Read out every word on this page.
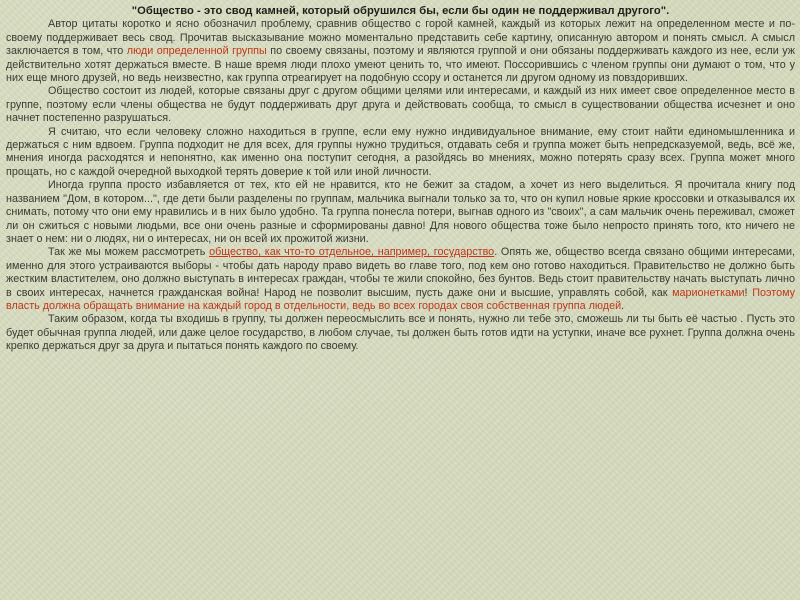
"Общество - это свод камней, который обрушился бы, если бы один не поддерживал другого".

Автор цитаты коротко и ясно обозначил проблему, сравнив общество с горой камней, каждый из которых лежит на определенном месте и по-своему поддерживает весь свод. Прочитав высказывание можно моментально представить себе картину, описанную автором и понять смысл. А смысл заключается в том, что люди определенной группы по своему связаны, поэтому и являются группой и они обязаны поддерживать каждого из нее, если уж действительно хотят держаться вместе. В наше время люди плохо умеют ценить то, что имеют. Поссорившись с членом группы они думают о том, что у них еще много друзей, но ведь неизвестно, как группа отреагирует на подобную ссору и останется ли другом одному из повздоривших.

Общество состоит из людей, которые связаны друг с другом общими целями или интересами, и каждый из них имеет свое определенное место в группе, поэтому если члены общества не будут поддерживать друг друга и действовать сообща, то смысл в существовании общества исчезнет и оно начнет постепенно разрушаться.

Я считаю, что если человеку сложно находиться в группе, если ему нужно индивидуальное внимание, ему стоит найти единомышленника и держаться с ним вдвоем. Группа подходит не для всех, для группы нужно трудиться, отдавать себя и группа может быть непредсказуемой, ведь, всё же, мнения иногда расходятся и непонятно, как именно она поступит сегодня, а разойдясь во мнениях, можно потерять сразу всех. Группа может много прощать, но с каждой очередной выходкой терять доверие к той или иной личности.

Иногда группа просто избавляется от тех, кто ей не нравится, кто не бежит за стадом, а хочет из него выделиться. Я прочитала книгу под названием "Дом, в котором...", где дети были разделены по группам, мальчика выгнали только за то, что он купил новые яркие кроссовки и отказывался их снимать, потому что они ему нравились и в них было удобно. Та группа понесла потери, выгнав одного из "своих", а сам мальчик очень переживал, сможет ли он сжиться с новыми людьми, все они очень разные и сформированы давно! Для нового общества тоже было непросто принять того, кто ничего не знает о нем: ни о людях, ни о интересах, ни он всей их прожитой жизни.

Так же мы можем рассмотреть общество, как что-то отдельное, например, государство. Опять же, общество всегда связано общими интересами, именно для этого устраиваются выборы - чтобы дать народу право видеть во главе того, под кем оно готово находиться. Правительство не должно быть жестким властителем, оно должно выступать в интересах граждан, чтобы те жили спокойно, без бунтов. Ведь стоит правительству начать выступать лично в своих интересах, начнется гражданская война! Народ не позволит высшим, пусть даже они и высшие, управлять собой, как марионетками! Поэтому власть должна обращать внимание на каждый город в отдельности, ведь во всех городах своя собственная группа людей.

Таким образом, когда ты входишь в группу, ты должен переосмыслить все и понять, нужно ли тебе это, сможешь ли ты быть её частью . Пусть это будет обычная группа людей, или даже целое государство, в любом случае, ты должен быть готов идти на уступки, иначе все рухнет. Группа должна очень крепко держаться друг за друга и пытаться понять каждого по своему.
